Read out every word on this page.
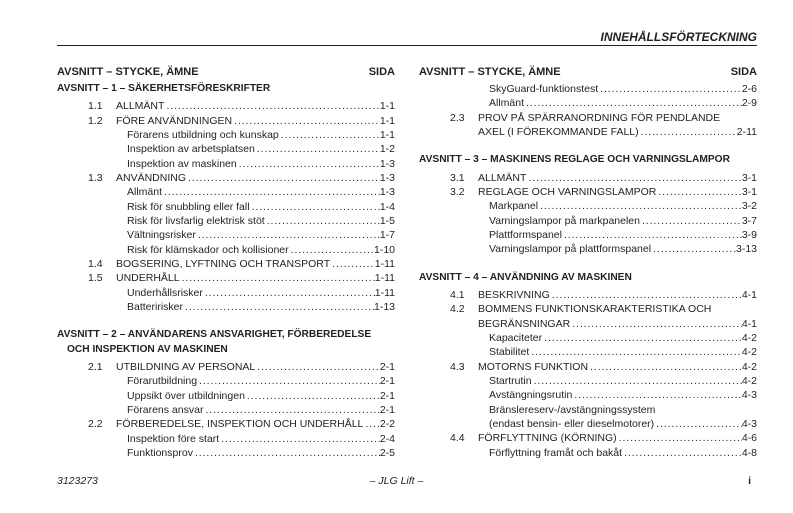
INNEHÅLLSFÖRTECKNING
AVSNITT – STYCKE, ÄMNE	SIDA
AVSNITT – 1 – SÄKERHETSFÖRESKRIFTER
1.1 ALLMÄNT .....	1-1
1.2 FÖRE ANVÄNDNINGEN .....	1-1
Förarens utbildning och kunskap .....	1-1
Inspektion av arbetsplatsen .....	1-2
Inspektion av maskinen .....	1-3
1.3 ANVÄNDNING .....	1-3
Allmänt .....	1-3
Risk för snubbling eller fall .....	1-4
Risk för livsfarlig elektrisk stöt .....	1-5
Vältningsrisker .....	1-7
Risk för klämskador och kollisioner .....	1-10
1.4 BOGSERING, LYFTNING OCH TRANSPORT .....	1-11
1.5 UNDERHÅLL .....	1-11
Underhållsrisker .....	1-11
Batteririsker .....	1-13
AVSNITT – 2 – ANVÄNDARENS ANSVARIGHET, FÖRBEREDELSE
OCH INSPEKTION AV MASKINEN
2.1 UTBILDNING AV PERSONAL .....	2-1
Förarutbildning .....	2-1
Uppsikt över utbildningen .....	2-1
Förarens ansvar .....	2-1
2.2 FÖRBEREDELSE, INSPEKTION OCH UNDERHÅLL ..... 2-2
Inspektion före start .....	2-4
Funktionsprov .....	2-5
AVSNITT – STYCKE, ÄMNE	SIDA
SkyGuard-funktionstest .....	2-6
Allmänt .....	2-9
2.3 PROV PÅ SPÄRRANORDNING FÖR PENDLANDE
AXEL (I FÖREKOMMANDE FALL) .....	2-11
AVSNITT – 3 – MASKINENS REGLAGE OCH VARNINGSLAMPOR
3.1 ALLMÄNT .....	3-1
3.2 REGLAGE OCH VARNINGSLAMPOR .....	3-1
Markpanel .....	3-2
Varningslampor på markpanelen .....	3-7
Plattformspanel .....	3-9
Varningslampor på plattformspanel .....	3-13
AVSNITT – 4 – ANVÄNDNING AV MASKINEN
4.1 BESKRIVNING .....	4-1
4.2 BOMMENS FUNKTIONSKARAKTERISTIKA OCH
BEGRÄNSNINGAR .....	4-1
Kapaciteter .....	4-2
Stabilitet .....	4-2
4.3 MOTORNS FUNKTION .....	4-2
Startrutin .....	4-2
Avstängningsrutin .....	4-3
Bränslereserv-/avstängningssystem
(endast bensin- eller dieselmotorer) .....	4-3
4.4 FÖRFLYTTNING (KÖRNING) .....	4-6
Förflyttning framåt och bakåt .....	4-8
3123273	– JLG Lift –	i
